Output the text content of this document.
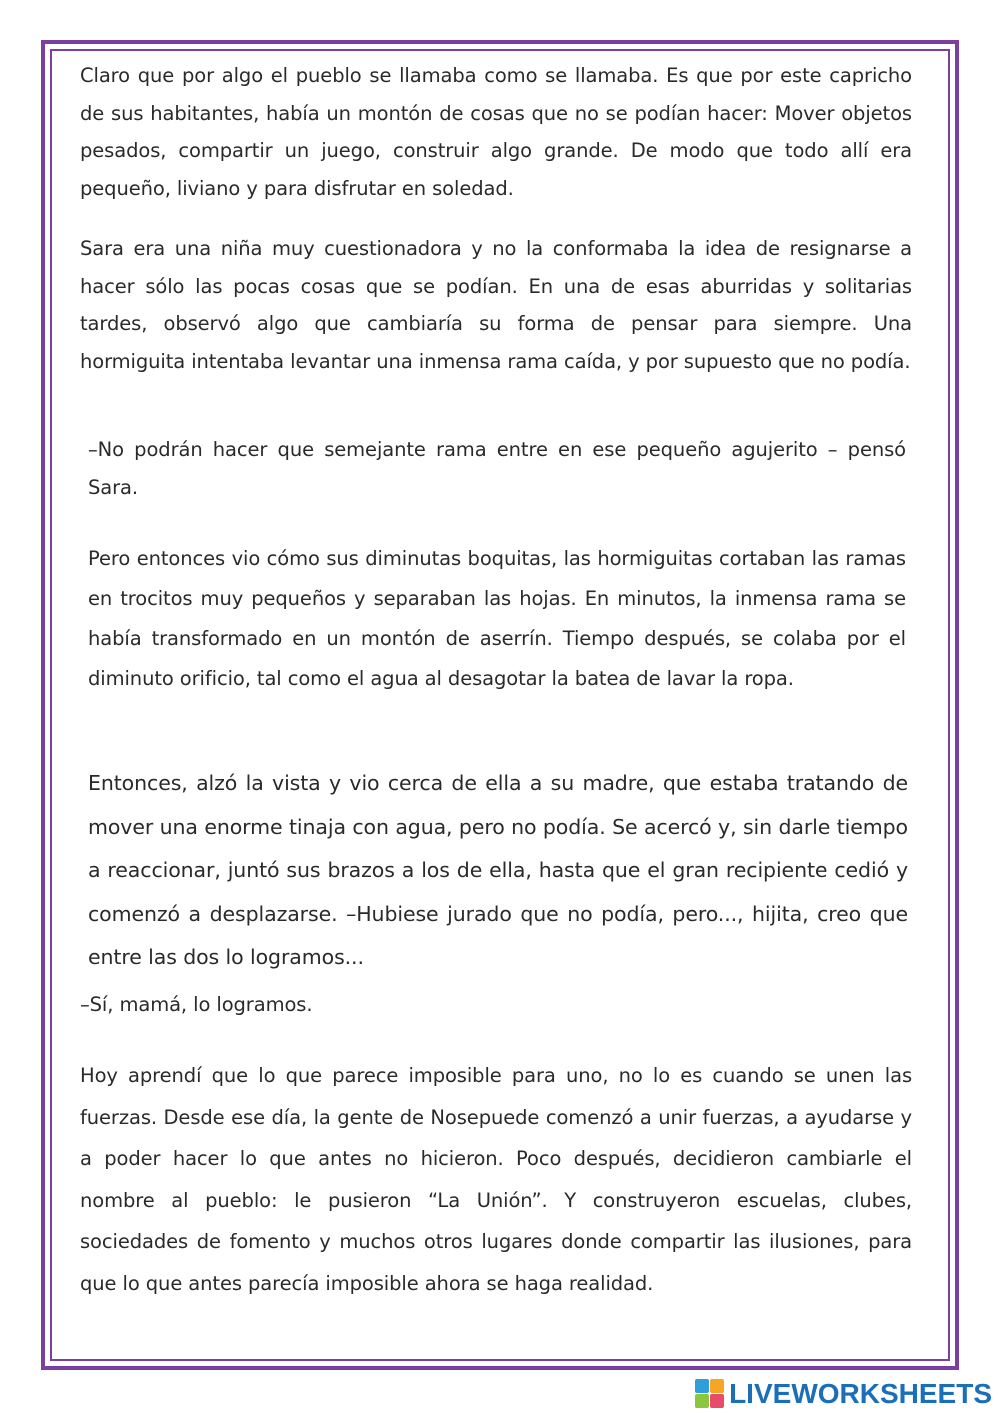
Claro que por algo el pueblo se llamaba como se llamaba. Es que por este capricho de sus habitantes, había un montón de cosas que no se podían hacer: Mover objetos pesados, compartir un juego, construir algo grande. De modo que todo allí era pequeño, liviano y para disfrutar en soledad.

Sara era una niña muy cuestionadora y no la conformaba la idea de resignarse a hacer sólo las pocas cosas que se podían. En una de esas aburridas y solitarias tardes, observó algo que cambiaría su forma de pensar para siempre. Una hormiguita intentaba levantar una inmensa rama caída, y por supuesto que no podía.

–No podrán hacer que semejante rama entre en ese pequeño agujerito – pensó Sara.

Pero entonces vio cómo sus diminutas boquitas, las hormiguitas cortaban las ramas en trocitos muy pequeños y separaban las hojas. En minutos, la inmensa rama se había transformado en un montón de aserrín. Tiempo después, se colaba por el diminuto orificio, tal como el agua al desagotar la batea de lavar la ropa.

Entonces, alzó la vista y vio cerca de ella a su madre, que estaba tratando de mover una enorme tinaja con agua, pero no podía. Se acercó y, sin darle tiempo a reaccionar, juntó sus brazos a los de ella, hasta que el gran recipiente cedió y comenzó a desplazarse. –Hubiese jurado que no podía, pero..., hijita, creo que entre las dos lo logramos...

–Sí, mamá, lo logramos.

Hoy aprendí que lo que parece imposible para uno, no lo es cuando se unen las fuerzas. Desde ese día, la gente de Nosepuede comenzó a unir fuerzas, a ayudarse y a poder hacer lo que antes no hicieron. Poco después, decidieron cambiarle el nombre al pueblo: le pusieron “La Unión”. Y construyeron escuelas, clubes, sociedades de fomento y muchos otros lugares donde compartir las ilusiones, para que lo que antes parecía imposible ahora se haga realidad.

LIVEWORKSHEETS
